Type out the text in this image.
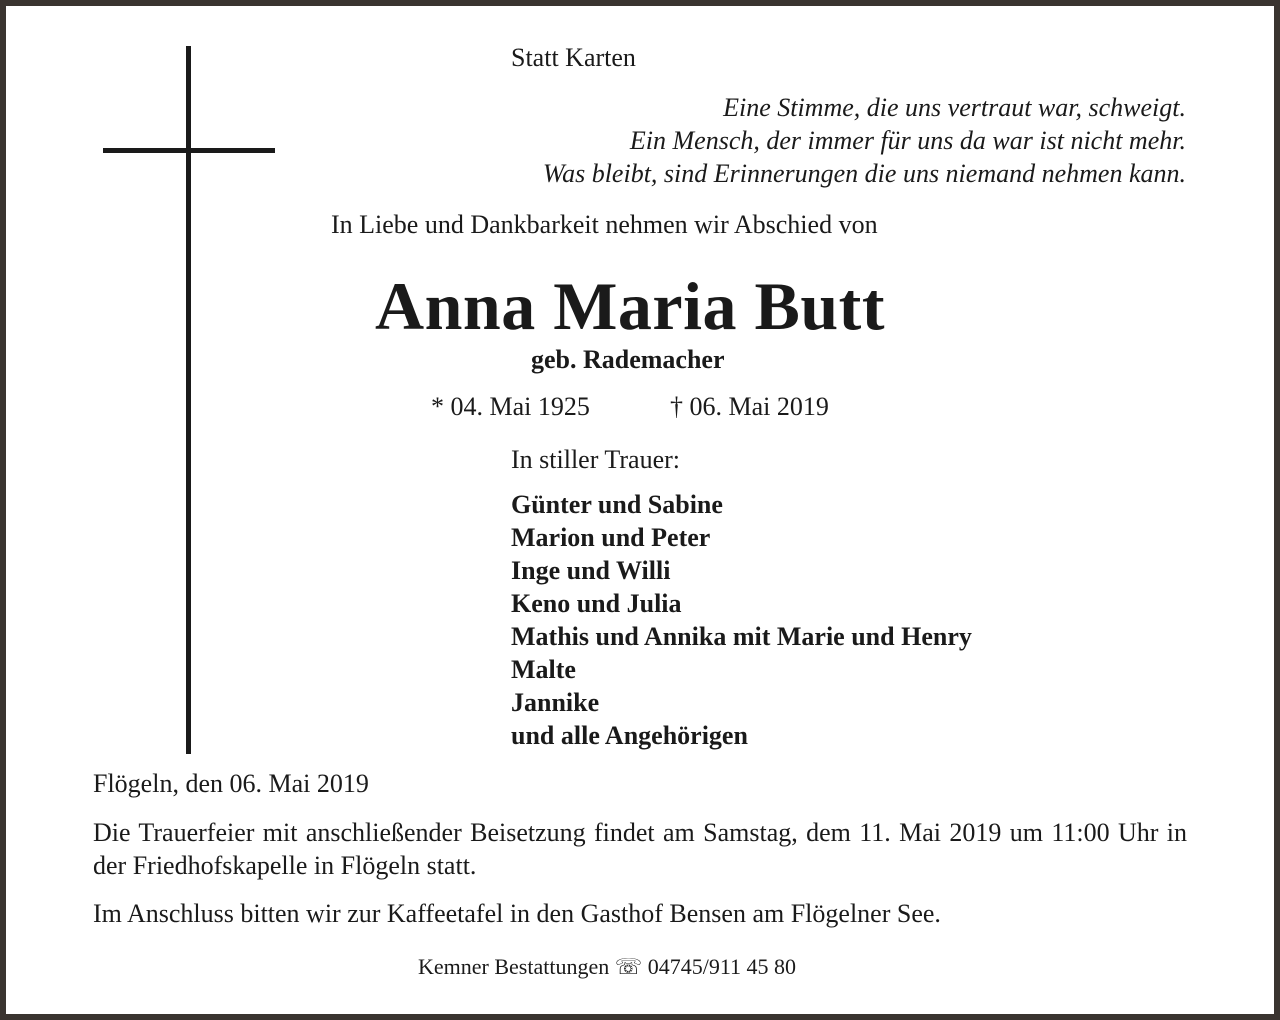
Statt Karten
Eine Stimme, die uns vertraut war, schweigt.
Ein Mensch, der immer für uns da war ist nicht mehr.
Was bleibt, sind Erinnerungen die uns niemand nehmen kann.
In Liebe und Dankbarkeit nehmen wir Abschied von
Anna Maria Butt
geb. Rademacher
* 04. Mai 1925	† 06. Mai 2019
In stiller Trauer:
Günter und Sabine
Marion und Peter
Inge und Willi
Keno und Julia
Mathis und Annika mit Marie und Henry
Malte
Jannike
und alle Angehörigen
Flögeln, den 06. Mai 2019
Die Trauerfeier mit anschließender Beisetzung findet am Samstag, dem 11. Mai 2019 um 11:00 Uhr in der Friedhofskapelle in Flögeln statt.
Im Anschluss bitten wir zur Kaffeetafel in den Gasthof Bensen am Flögelner See.
Kemner Bestattungen ☏ 04745/911 45 80
